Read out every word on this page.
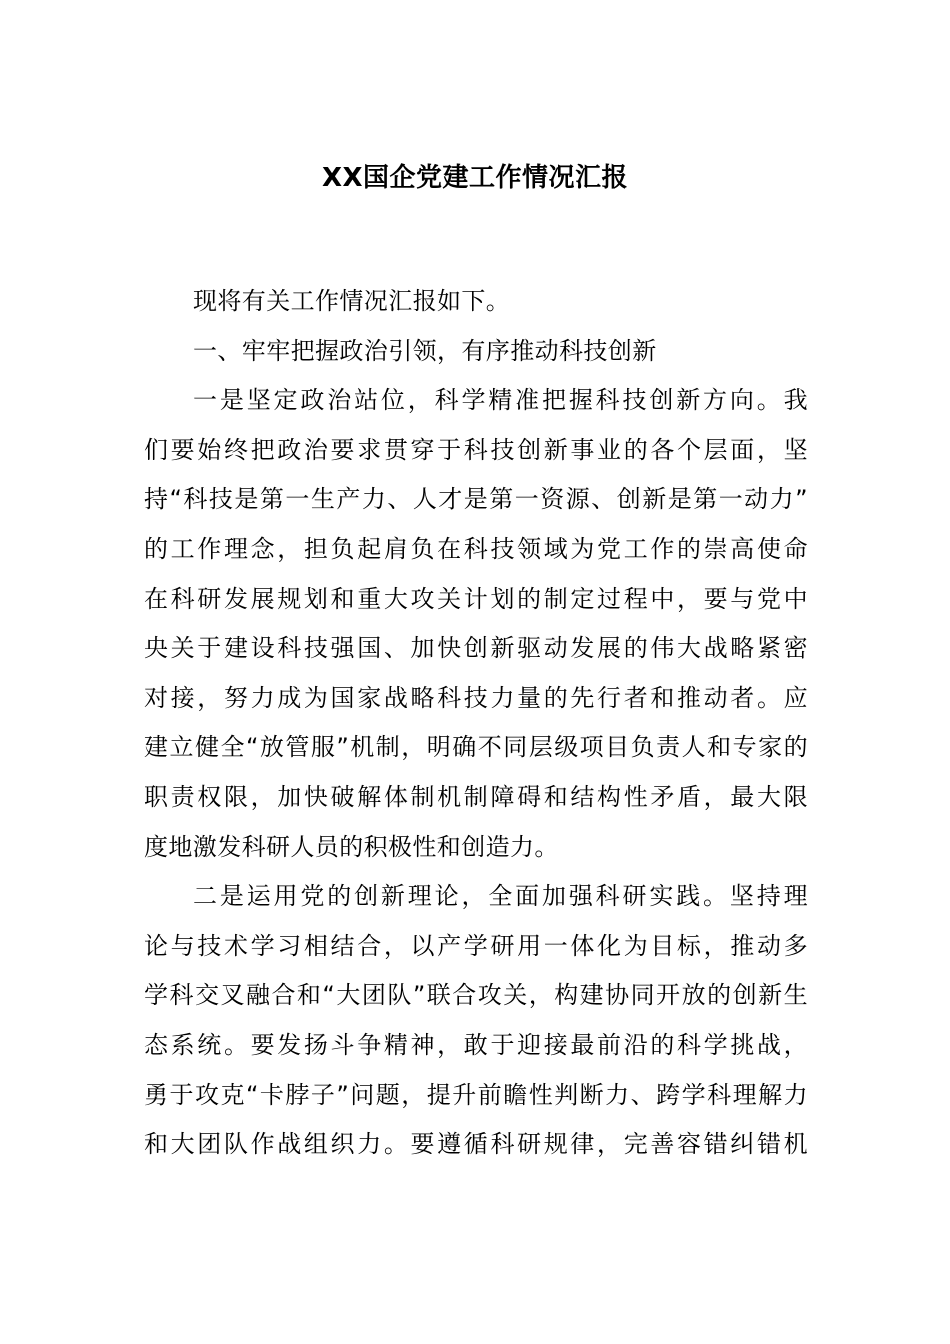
XX国企党建工作情况汇报

现将有关工作情况汇报如下。

一、牢牢把握政治引领，有序推动科技创新

一是坚定政治站位，科学精准把握科技创新方向。我
们要始终把政治要求贯穿于科技创新事业的各个层面，坚
持“科技是第一生产力、人才是第一资源、创新是第一动力”
的工作理念，担负起肩负在科技领域为党工作的崇高使命
在科研发展规划和重大攻关计划的制定过程中，要与党中
央关于建设科技强国、加快创新驱动发展的伟大战略紧密
对接，努力成为国家战略科技力量的先行者和推动者。应
建立健全“放管服”机制，明确不同层级项目负责人和专家的
职责权限，加快破解体制机制障碍和结构性矛盾，最大限
度地激发科研人员的积极性和创造力。

二是运用党的创新理论，全面加强科研实践。坚持理
论与技术学习相结合，以产学研用一体化为目标，推动多
学科交叉融合和“大团队”联合攻关，构建协同开放的创新生
态系统。要发扬斗争精神，敢于迎接最前沿的科学挑战，
勇于攻克“卡脖子”问题，提升前瞻性判断力、跨学科理解力
和大团队作战组织力。要遵循科研规律，完善容错纠错机
